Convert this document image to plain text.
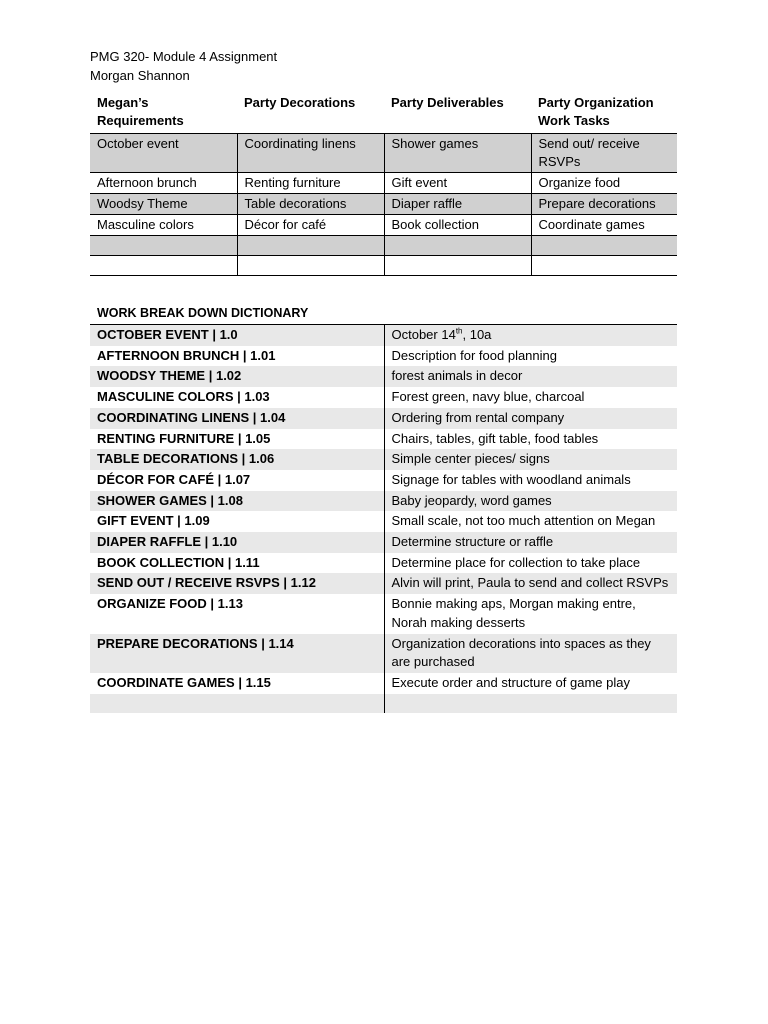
PMG 320- Module 4 Assignment
Morgan Shannon
Megan’s Requirements	Party Decorations	Party Deliverables	Party Organization Work Tasks
October event	Coordinating linens	Shower games	Send out/ receive RSVPs
Afternoon brunch	Renting furniture	Gift event	Organize food
Woodsy Theme	Table decorations	Diaper raffle	Prepare decorations
Masculine colors	Décor for café	Book collection	Coordinate games

WORK BREAK DOWN DICTIONARY
OCTOBER EVENT | 1.0	October 14th, 10a
AFTERNOON BRUNCH | 1.01	Description for food planning
WOODSY THEME | 1.02	forest animals in decor
MASCULINE COLORS | 1.03	Forest green, navy blue, charcoal
COORDINATING LINENS | 1.04	Ordering from rental company
RENTING FURNITURE | 1.05	Chairs, tables, gift table, food tables
TABLE DECORATIONS | 1.06	Simple center pieces/ signs
DÉCOR FOR CAFÉ | 1.07	Signage for tables with woodland animals
SHOWER GAMES | 1.08	Baby jeopardy, word games
GIFT EVENT | 1.09	Small scale, not too much attention on Megan
DIAPER RAFFLE | 1.10	Determine structure or raffle
BOOK COLLECTION | 1.11	Determine place for collection to take place
SEND OUT / RECEIVE RSVPS | 1.12	Alvin will print, Paula to send and collect RSVPs
ORGANIZE FOOD | 1.13	Bonnie making aps, Morgan making entre, Norah making desserts
PREPARE DECORATIONS | 1.14	Organization decorations into spaces as they are purchased
COORDINATE GAMES | 1.15	Execute order and structure of game play
